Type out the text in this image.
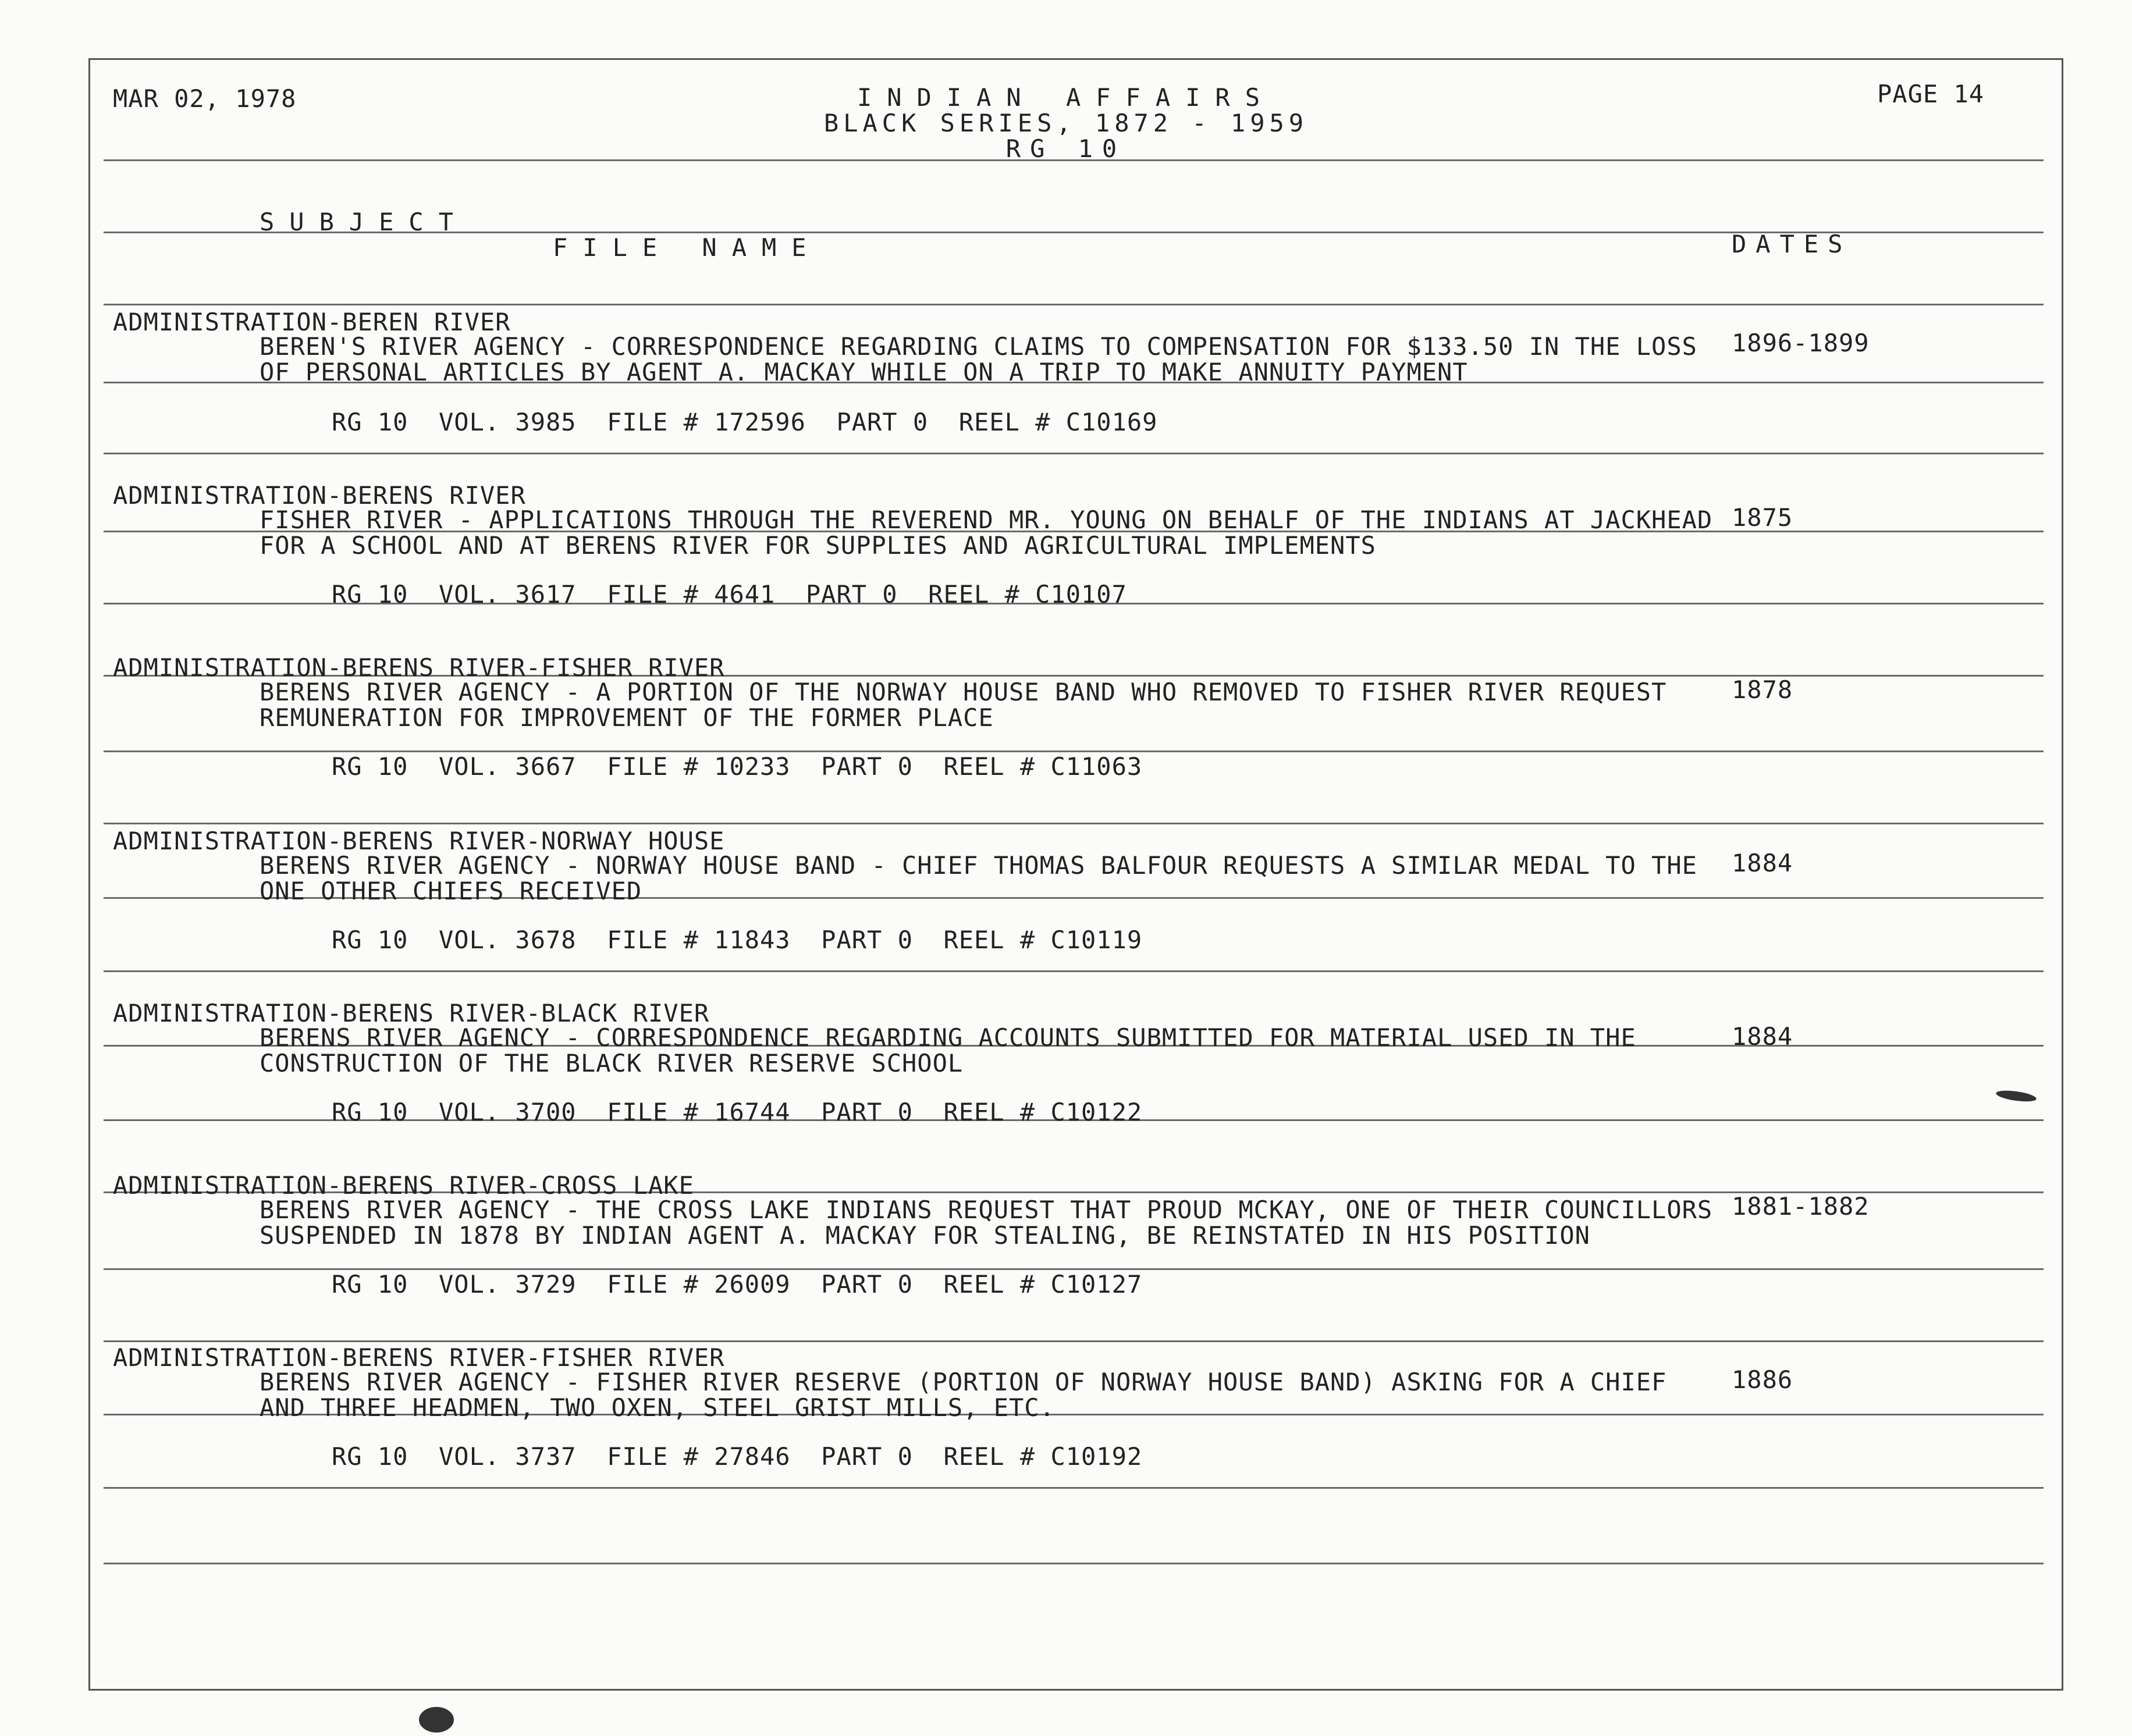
MAR 02, 1978	INDIAN AFFAIRS
BLACK SERIES, 1872 - 1959
RG 10
PAGE 14
SUBJECT
FILE NAME	DATES
ADMINISTRATION-BEREN RIVER
BEREN'S RIVER AGENCY - CORRESPONDENCE REGARDING CLAIMS TO COMPENSATION FOR $133.50 IN THE LOSS
OF PERSONAL ARTICLES BY AGENT A. MACKAY WHILE ON A TRIP TO MAKE ANNUITY PAYMENT
1896-1899
RG 10  VOL. 3985  FILE # 172596  PART 0  REEL # C10169
ADMINISTRATION-BERENS RIVER
FISHER RIVER - APPLICATIONS THROUGH THE REVEREND MR. YOUNG ON BEHALF OF THE INDIANS AT JACKHEAD
FOR A SCHOOL AND AT BERENS RIVER FOR SUPPLIES AND AGRICULTURAL IMPLEMENTS
1875
RG 10  VOL. 3617  FILE # 4641  PART 0  REEL # C10107
ADMINISTRATION-BERENS RIVER-FISHER RIVER
BERENS RIVER AGENCY - A PORTION OF THE NORWAY HOUSE BAND WHO REMOVED TO FISHER RIVER REQUEST
REMUNERATION FOR IMPROVEMENT OF THE FORMER PLACE
1878
RG 10  VOL. 3667  FILE # 10233  PART 0  REEL # C11063
ADMINISTRATION-BERENS RIVER-NORWAY HOUSE
BERENS RIVER AGENCY - NORWAY HOUSE BAND - CHIEF THOMAS BALFOUR REQUESTS A SIMILAR MEDAL TO THE
ONE OTHER CHIEFS RECEIVED
1884
RG 10  VOL. 3678  FILE # 11843  PART 0  REEL # C10119
ADMINISTRATION-BERENS RIVER-BLACK RIVER
BERENS RIVER AGENCY - CORRESPONDENCE REGARDING ACCOUNTS SUBMITTED FOR MATERIAL USED IN THE
CONSTRUCTION OF THE BLACK RIVER RESERVE SCHOOL
1884
RG 10  VOL. 3700  FILE # 16744  PART 0  REEL # C10122
ADMINISTRATION-BERENS RIVER-CROSS LAKE
BERENS RIVER AGENCY - THE CROSS LAKE INDIANS REQUEST THAT PROUD MCKAY, ONE OF THEIR COUNCILLORS
SUSPENDED IN 1878 BY INDIAN AGENT A. MACKAY FOR STEALING, BE REINSTATED IN HIS POSITION
1881-1882
RG 10  VOL. 3729  FILE # 26009  PART 0  REEL # C10127
ADMINISTRATION-BERENS RIVER-FISHER RIVER
BERENS RIVER AGENCY - FISHER RIVER RESERVE (PORTION OF NORWAY HOUSE BAND) ASKING FOR A CHIEF
AND THREE HEADMEN, TWO OXEN, STEEL GRIST MILLS, ETC.
1886
RG 10  VOL. 3737  FILE # 27846  PART 0  REEL # C10192
